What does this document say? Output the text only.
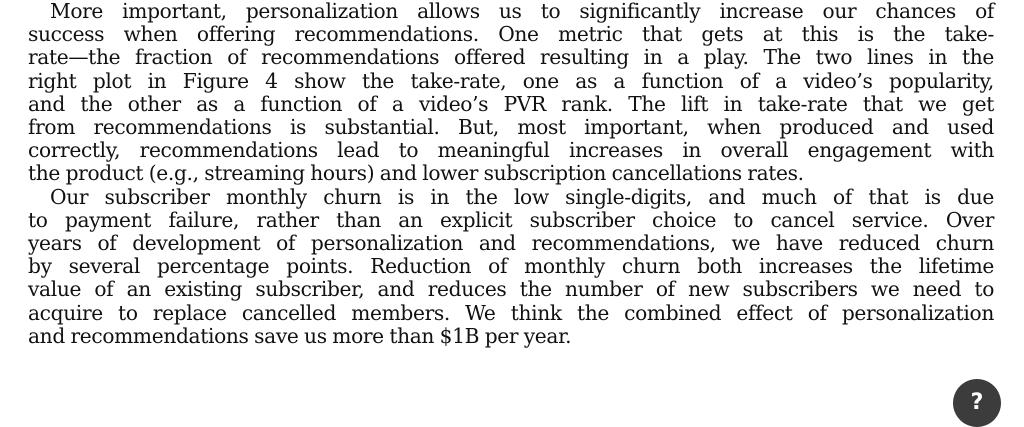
More important, personalization allows us to significantly increase our chances of
success when offering recommendations. One metric that gets at this is the take-
rate—the fraction of recommendations offered resulting in a play. The two lines in the
right plot in Figure 4 show the take-rate, one as a function of a video’s popularity,
and the other as a function of a video’s PVR rank. The lift in take-rate that we get
from recommendations is substantial. But, most important, when produced and used
correctly, recommendations lead to meaningful increases in overall engagement with
the product (e.g., streaming hours) and lower subscription cancellations rates.
Our subscriber monthly churn is in the low single-digits, and much of that is due
to payment failure, rather than an explicit subscriber choice to cancel service. Over
years of development of personalization and recommendations, we have reduced churn
by several percentage points. Reduction of monthly churn both increases the lifetime
value of an existing subscriber, and reduces the number of new subscribers we need to
acquire to replace cancelled members. We think the combined effect of personalization
and recommendations save us more than $1B per year.
?
